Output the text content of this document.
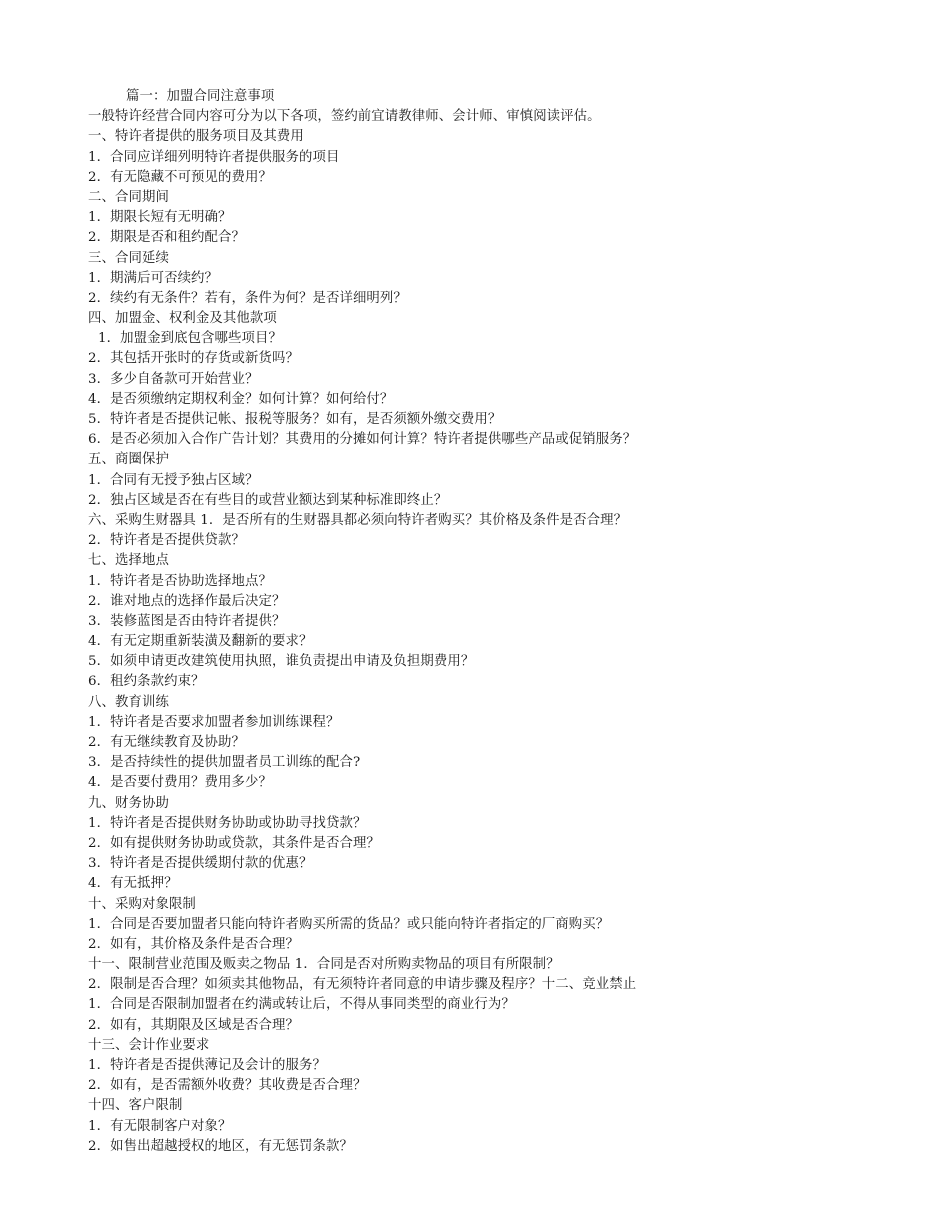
篇一：加盟合同注意事项
一般特许经营合同内容可分为以下各项，签约前宜请教律师、会计师、审慎阅读评估。
一、特许者提供的服务项目及其费用
1．合同应详细列明特许者提供服务的项目
2．有无隐藏不可预见的费用？
二、合同期间
1．期限长短有无明确？
2．期限是否和租约配合？
三、合同延续
1．期满后可否续约？
2．续约有无条件？若有，条件为何？是否详细明列？
四、加盟金、权利金及其他款项
1．加盟金到底包含哪些项目？
2．其包括开张时的存货或新货吗？
3．多少自备款可开始营业？
4．是否须缴纳定期权利金？如何计算？如何给付？
5．特许者是否提供记帐、报税等服务？如有，是否须额外缴交费用？
6．是否必须加入合作广告计划？其费用的分摊如何计算？特许者提供哪些产品或促销服务？
五、商圈保护
1．合同有无授予独占区域？
2．独占区域是否在有些目的或营业额达到某种标准即终止？
六、采购生财器具 1．是否所有的生财器具都必须向特许者购买？其价格及条件是否合理？
2．特许者是否提供贷款？
七、选择地点
1．特许者是否协助选择地点？
2．谁对地点的选择作最后决定？
3．装修蓝图是否由特许者提供？
4．有无定期重新装潢及翻新的要求？
5．如须申请更改建筑使用执照，谁负责提出申请及负担期费用？
6．租约条款约束？
八、教育训练
1．特许者是否要求加盟者参加训练课程？
2．有无继续教育及协助？
3．是否持续性的提供加盟者员工训练的配合?
4．是否要付费用？费用多少？
九、财务协助
1．特许者是否提供财务协助或协助寻找贷款？
2．如有提供财务协助或贷款，其条件是否合理？
3．特许者是否提供缓期付款的优惠？
4．有无抵押？
十、采购对象限制
1．合同是否要加盟者只能向特许者购买所需的货品？或只能向特许者指定的厂商购买？
2．如有，其价格及条件是否合理？
十一、限制营业范围及贩卖之物品 1．合同是否对所购卖物品的项目有所限制？
2．限制是否合理？如须卖其他物品，有无须特许者同意的申请步骤及程序？十二、竞业禁止
1．合同是否限制加盟者在约满或转让后，不得从事同类型的商业行为？
2．如有，其期限及区域是否合理？
十三、会计作业要求
1．特许者是否提供薄记及会计的服务？
2．如有，是否需额外收费？其收费是否合理？
十四、客户限制
1．有无限制客户对象？
2．如售出超越授权的地区，有无惩罚条款？
